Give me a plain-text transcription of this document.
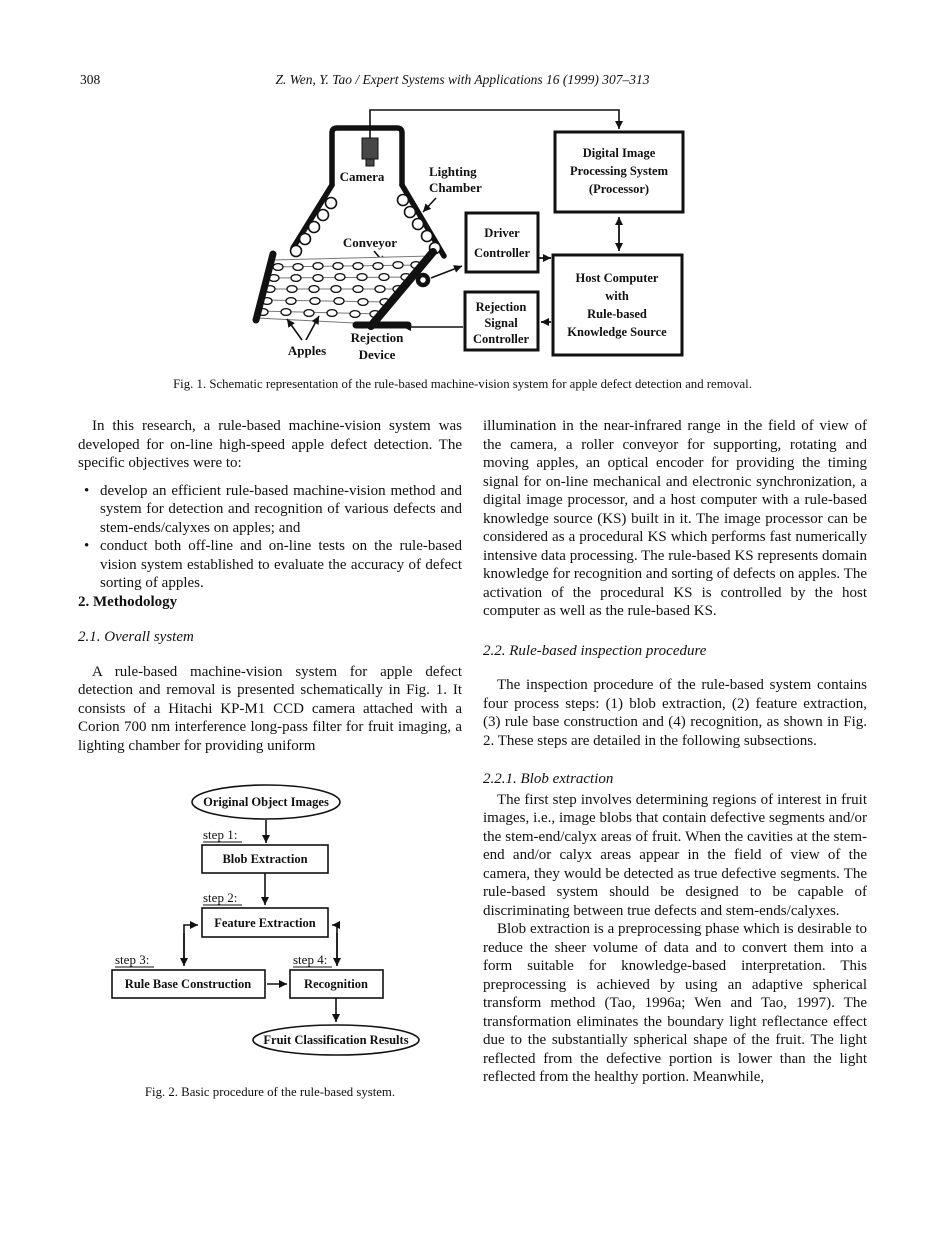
308	Z. Wen, Y. Tao / Expert Systems with Applications 16 (1999) 307–313
Camera	Lighting
Chamber
Conveyor
Apples
Rejection
Device
Digital Image
Processing System
(Processor)
Host Computer
with
Rule-based
Knowledge Source
Driver
Controller
Rejection
Signal
Controller
Fig. 1. Schematic representation of the rule-based machine-vision system for apple defect detection and removal.

In this research, a rule-based machine-vision system was developed for on-line high-speed apple defect detection. The specific objectives were to:

• develop an efficient rule-based machine-vision method and system for detection and recognition of various defects and stem-ends/calyxes on apples; and
• conduct both off-line and on-line tests on the rule-based vision system established to evaluate the accuracy of defect sorting of apples.

2. Methodology

2.1. Overall system

A rule-based machine-vision system for apple defect detection and removal is presented schematically in Fig. 1. It consists of a Hitachi KP-M1 CCD camera attached with a Corion 700 nm interference long-pass filter for fruit imaging, a lighting chamber for providing uniform

Original Object Images
step 1:
Blob Extraction
step 2:
Feature Extraction
step 3:
Rule Base Construction
step 4:
Recognition
Fruit Classification Results
Fig. 2. Basic procedure of the rule-based system.

illumination in the near-infrared range in the field of view of the camera, a roller conveyor for supporting, rotating and moving apples, an optical encoder for providing the timing signal for on-line mechanical and electronic synchronization, a digital image processor, and a host computer with a rule-based knowledge source (KS) built in it. The image processor can be considered as a procedural KS which performs fast numerically intensive data processing. The rule-based KS represents domain knowledge for recognition and sorting of defects on apples. The activation of the procedural KS is controlled by the host computer as well as the rule-based KS.

2.2. Rule-based inspection procedure

The inspection procedure of the rule-based system contains four process steps: (1) blob extraction, (2) feature extraction, (3) rule base construction and (4) recognition, as shown in Fig. 2. These steps are detailed in the following subsections.

2.2.1. Blob extraction

The first step involves determining regions of interest in fruit images, i.e., image blobs that contain defective segments and/or the stem-end/calyx areas of fruit. When the cavities at the stem-end and/or calyx areas appear in the field of view of the camera, they would be detected as true defective segments. The rule-based system should be designed to be capable of discriminating between true defects and stem-ends/calyxes.

Blob extraction is a preprocessing phase which is desirable to reduce the sheer volume of data and to convert them into a form suitable for knowledge-based interpretation. This preprocessing is achieved by using an adaptive spherical transform method (Tao, 1996a; Wen and Tao, 1997). The transformation eliminates the boundary light reflectance effect due to the substantially spherical shape of the fruit. The light reflected from the defective portion is lower than the light reflected from the healthy portion. Meanwhile,
